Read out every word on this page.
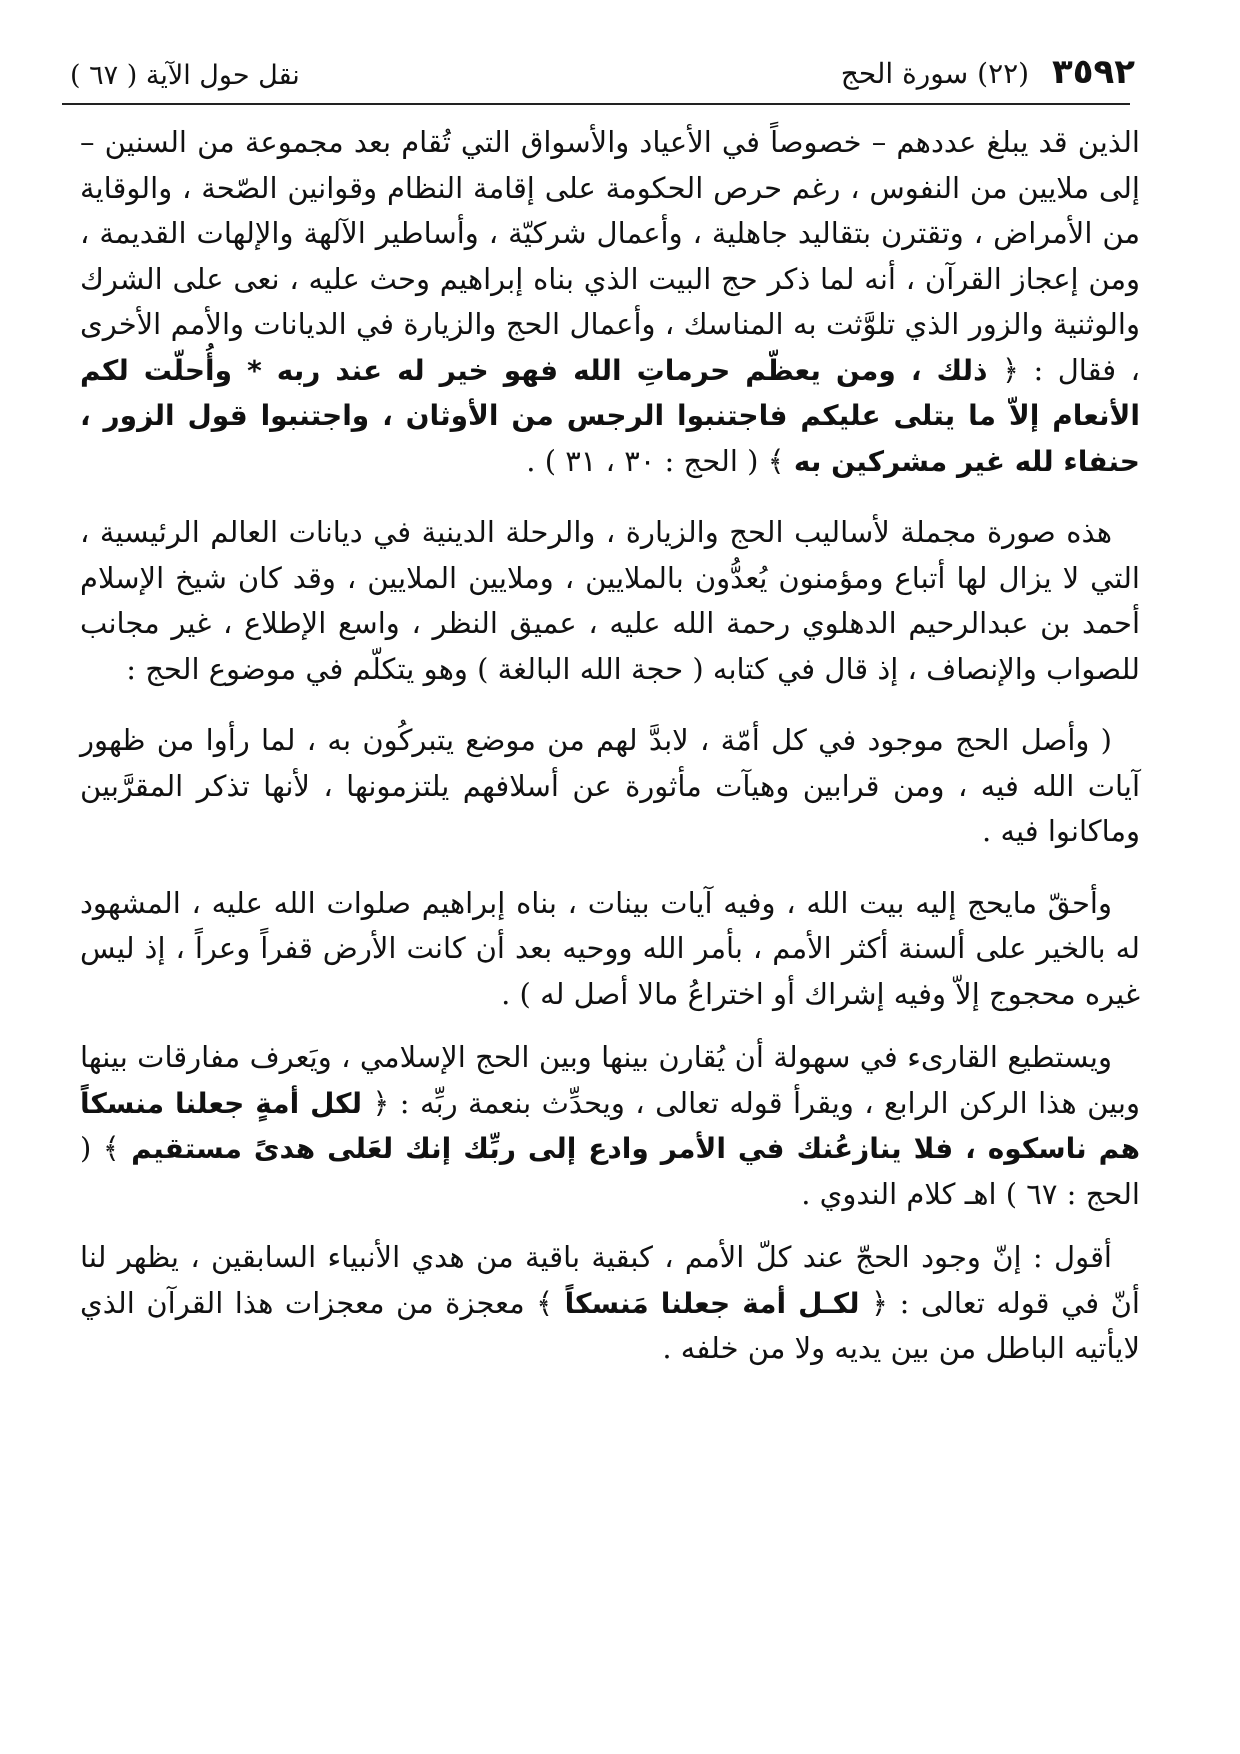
٣٥٩٢ (٢٢) سورة الحج
نقل حول الآية ( ٦٧ )

الذين قد يبلغ عددهم – خصوصاً في الأعياد والأسواق التي تُقام بعد مجموعة من السنين – إلى ملايين من النفوس ، رغم حرص الحكومة على إقامة النظام وقوانين الصّحة ، والوقاية من الأمراض ، وتقترن بتقاليد جاهلية ، وأعمال شركيّة ، وأساطير الآلهة والإلهات القديمة ، ومن إعجاز القرآن ، أنه لما ذكر حج البيت الذي بناه إبراهيم وحث عليه ، نعى على الشرك والوثنية والزور الذي تلوَّثت به المناسك ، وأعمال الحج والزيارة في الديانات والأمم الأخرى ، فقال : ﴿ ذلك ، ومن يعظّم حرماتِ الله فهو خير له عند ربه * وأُحلّت لكم الأنعام إلاّ ما يتلى عليكم فاجتنبوا الرجس من الأوثان ، واجتنبوا قول الزور ، حنفاء لله غير مشركين به ﴾ ( الحج : ٣٠ ، ٣١ ) .

هذه صورة مجملة لأساليب الحج والزيارة ، والرحلة الدينية في ديانات العالم الرئيسية ، التي لا يزال لها أتباع ومؤمنون يُعدُّون بالملايين ، وملايين الملايين ، وقد كان شيخ الإسلام أحمد بن عبدالرحيم الدهلوي رحمة الله عليه ، عميق النظر ، واسع الإطلاع ، غير مجانب للصواب والإنصاف ، إذ قال في كتابه ( حجة الله البالغة ) وهو يتكلّم في موضوع الحج :

( وأصل الحج موجود في كل أمّة ، لابدَّ لهم من موضع يتبركُون به ، لما رأوا من ظهور آيات الله فيه ، ومن قرابين وهيآت مأثورة عن أسلافهم يلتزمونها ، لأنها تذكر المقرَّبين وماكانوا فيه .

وأحقّ مايحج إليه بيت الله ، وفيه آيات بينات ، بناه إبراهيم صلوات الله عليه ، المشهود له بالخير على ألسنة أكثر الأمم ، بأمر الله ووحيه بعد أن كانت الأرض قفراً وعراً ، إذ ليس غيره محجوج إلاّ وفيه إشراك أو اختراعُ مالا أصل له ) .

ويستطيع القارىء في سهولة أن يُقارن بينها وبين الحج الإسلامي ، ويَعرف مفارقات بينها وبين هذا الركن الرابع ، ويقرأ قوله تعالى ، ويحدِّث بنعمة ربِّه : ﴿ لكل أمةٍ جعلنا منسكاً هم ناسكوه ، فلا ينازعُنك في الأمر وادع إلى ربِّك إنك لعَلى هدىً مستقيم ﴾ ( الحج : ٦٧ ) اهـ كلام الندوي .

أقول : إنّ وجود الحجّ عند كلّ الأمم ، كبقية باقية من هدي الأنبياء السابقين ، يظهر لنا أنّ في قوله تعالى : ﴿ لكـل أمة جعلنا مَنسكاً ﴾ معجزة من معجزات هذا القرآن الذي لايأتيه الباطل من بين يديه ولا من خلفه .
